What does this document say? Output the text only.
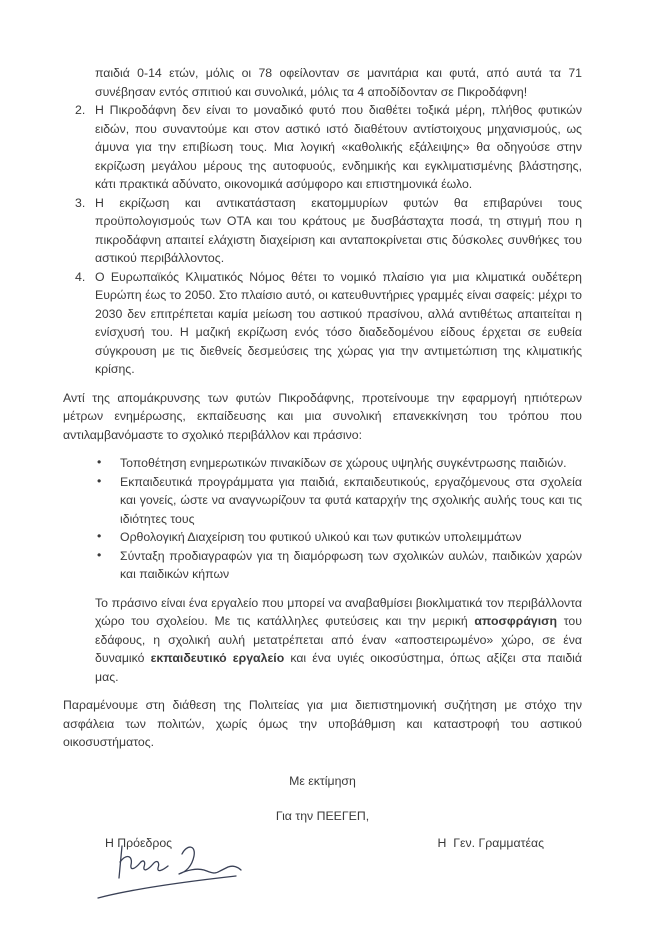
παιδιά 0-14 ετών, μόλις οι 78 οφείλονταν σε μανιτάρια και φυτά, από αυτά τα 71 συνέβησαν εντός σπιτιού και συνολικά, μόλις τα 4 αποδίδονταν σε Πικροδάφνη!

2. Η Πικροδάφνη δεν είναι το μοναδικό φυτό που διαθέτει τοξικά μέρη, πλήθος φυτικών ειδών, που συναντούμε και στον αστικό ιστό διαθέτουν αντίστοιχους μηχανισμούς, ως άμυνα για την επιβίωση τους. Μια λογική «καθολικής εξάλειψης» θα οδηγούσε στην εκρίζωση μεγάλου μέρους της αυτοφυούς, ενδημικής και εγκλιματισμένης βλάστησης, κάτι πρακτικά αδύνατο, οικονομικά ασύμφορο και επιστημονικά έωλο.
3. Η εκρίζωση και αντικατάσταση εκατομμυρίων φυτών θα επιβαρύνει τους προϋπολογισμούς των ΟΤΑ και του κράτους με δυσβάσταχτα ποσά, τη στιγμή που η πικροδάφνη απαιτεί ελάχιστη διαχείριση και ανταποκρίνεται στις δύσκολες συνθήκες του αστικού περιβάλλοντος.
4. Ο Ευρωπαϊκός Κλιματικός Νόμος θέτει το νομικό πλαίσιο για μια κλιματικά ουδέτερη Ευρώπη έως το 2050. Στο πλαίσιο αυτό, οι κατευθυντήριες γραμμές είναι σαφείς: μέχρι το 2030 δεν επιτρέπεται καμία μείωση του αστικού πρασίνου, αλλά αντιθέτως απαιτείται η ενίσχυσή του. Η μαζική εκρίζωση ενός τόσο διαδεδομένου είδους έρχεται σε ευθεία σύγκρουση με τις διεθνείς δεσμεύσεις της χώρας για την αντιμετώπιση της κλιματικής κρίσης.

Αντί της απομάκρυνσης των φυτών Πικροδάφνης, προτείνουμε την εφαρμογή ηπιότερων μέτρων ενημέρωσης, εκπαίδευσης και μια συνολική επανεκκίνηση του τρόπου που αντιλαμβανόμαστε το σχολικό περιβάλλον και πράσινο:

• Τοποθέτηση ενημερωτικών πινακίδων σε χώρους υψηλής συγκέντρωσης παιδιών.
• Εκπαιδευτικά προγράμματα για παιδιά, εκπαιδευτικούς, εργαζόμενους στα σχολεία και γονείς, ώστε να αναγνωρίζουν τα φυτά καταρχήν της σχολικής αυλής τους και τις ιδιότητες τους
• Ορθολογική Διαχείριση του φυτικού υλικού και των φυτικών υπολειμμάτων
• Σύνταξη προδιαγραφών για τη διαμόρφωση των σχολικών αυλών, παιδικών χαρών και παιδικών κήπων

Το πράσινο είναι ένα εργαλείο που μπορεί να αναβαθμίσει βιοκλιματικά τον περιβάλλοντα χώρο του σχολείου. Με τις κατάλληλες φυτεύσεις και την μερική αποσφράγιση του εδάφους, η σχολική αυλή μετατρέπεται από έναν «αποστειρωμένο» χώρο, σε ένα δυναμικό εκπαιδευτικό εργαλείο και ένα υγιές οικοσύστημα, όπως αξίζει στα παιδιά μας.

Παραμένουμε στη διάθεση της Πολιτείας για μια διεπιστημονική συζήτηση με στόχο την ασφάλεια των πολιτών, χωρίς όμως την υποβάθμιση και καταστροφή του αστικού οικοσυστήματος.

Με εκτίμηση

Για την ΠΕΕΓΕΠ,

Η Πρόεδρος	Η  Γεν. Γραμματέας
